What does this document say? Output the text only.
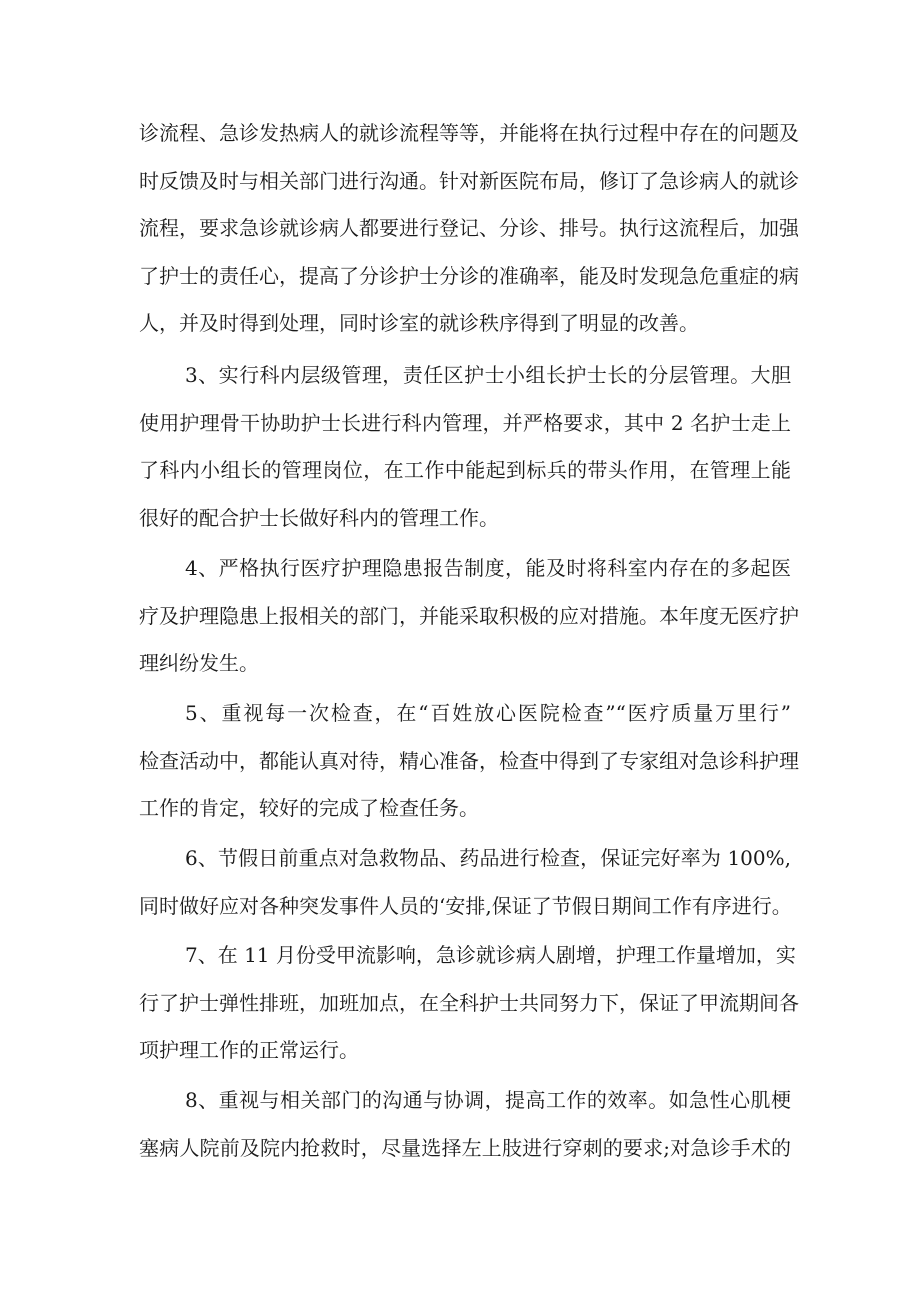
诊流程、急诊发热病人的就诊流程等等，并能将在执行过程中存在的问题及
时反馈及时与相关部门进行沟通。针对新医院布局，修订了急诊病人的就诊
流程，要求急诊就诊病人都要进行登记、分诊、排号。执行这流程后，加强
了护士的责任心，提高了分诊护士分诊的准确率，能及时发现急危重症的病
人，并及时得到处理，同时诊室的就诊秩序得到了明显的改善。
3、实行科内层级管理，责任区护士小组长护士长的分层管理。大胆
使用护理骨干协助护士长进行科内管理，并严格要求，其中 2 名护士走上
了科内小组长的管理岗位，在工作中能起到标兵的带头作用，在管理上能
很好的配合护士长做好科内的管理工作。
4、严格执行医疗护理隐患报告制度，能及时将科室内存在的多起医
疗及护理隐患上报相关的部门，并能采取积极的应对措施。本年度无医疗护
理纠纷发生。
5、重视每一次检查，在“百姓放心医院检查”“医疗质量万里行”
检查活动中，都能认真对待，精心准备，检查中得到了专家组对急诊科护理
工作的肯定，较好的完成了检查任务。
6、节假日前重点对急救物品、药品进行检查，保证完好率为 100%,
同时做好应对各种突发事件人员的‘安排,保证了节假日期间工作有序进行。
7、在 11 月份受甲流影响，急诊就诊病人剧增，护理工作量增加，实
行了护士弹性排班，加班加点，在全科护士共同努力下，保证了甲流期间各
项护理工作的正常运行。
8、重视与相关部门的沟通与协调，提高工作的效率。如急性心肌梗
塞病人院前及院内抢救时，尽量选择左上肢进行穿刺的要求;对急诊手术的
